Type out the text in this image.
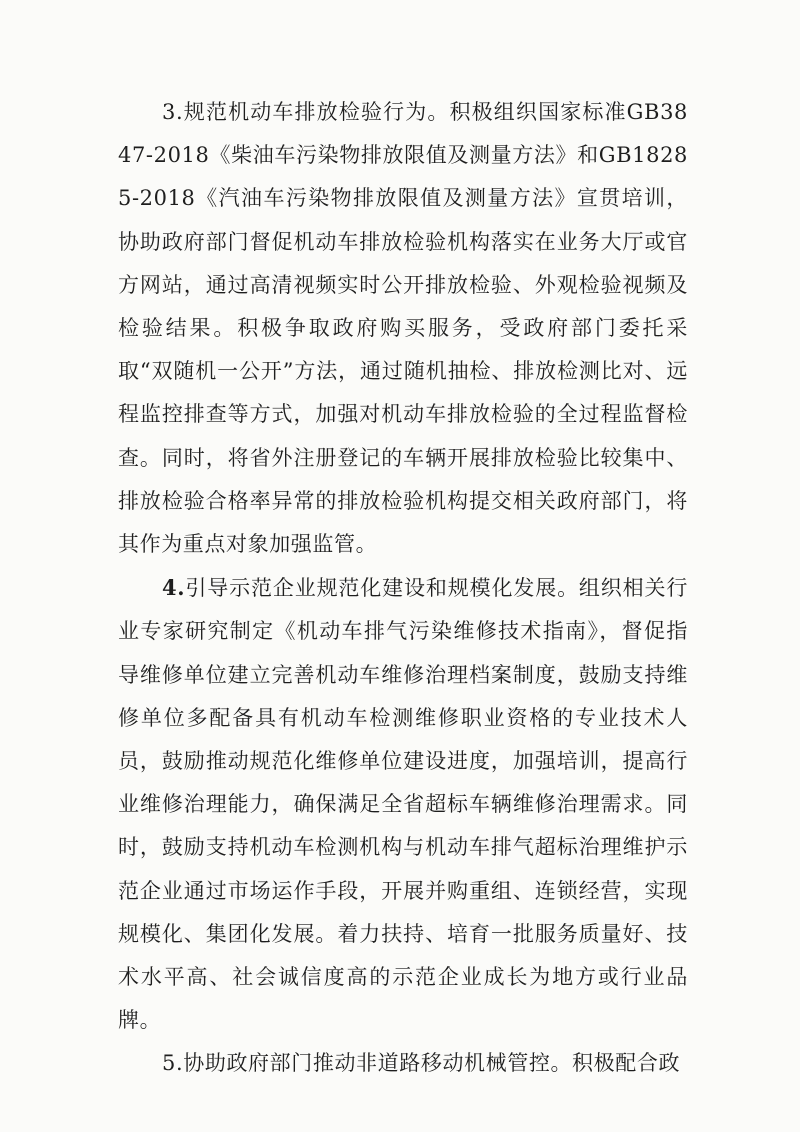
3.规范机动车排放检验行为。积极组织国家标准GB3847-2018《柴油车污染物排放限值及测量方法》和GB18285-2018《汽油车污染物排放限值及测量方法》宣贯培训，协助政府部门督促机动车排放检验机构落实在业务大厅或官方网站，通过高清视频实时公开排放检验、外观检验视频及检验结果。积极争取政府购买服务，受政府部门委托采取“双随机一公开”方法，通过随机抽检、排放检测比对、远程监控排查等方式，加强对机动车排放检验的全过程监督检查。同时，将省外注册登记的车辆开展排放检验比较集中、排放检验合格率异常的排放检验机构提交相关政府部门，将其作为重点对象加强监管。

4.引导示范企业规范化建设和规模化发展。组织相关行业专家研究制定《机动车排气污染维修技术指南》，督促指导维修单位建立完善机动车维修治理档案制度，鼓励支持维修单位多配备具有机动车检测维修职业资格的专业技术人员，鼓励推动规范化维修单位建设进度，加强培训，提高行业维修治理能力，确保满足全省超标车辆维修治理需求。同时，鼓励支持机动车检测机构与机动车排气超标治理维护示范企业通过市场运作手段，开展并购重组、连锁经营，实现规模化、集团化发展。着力扶持、培育一批服务质量好、技术水平高、社会诚信度高的示范企业成长为地方或行业品牌。

5.协助政府部门推动非道路移动机械管控。积极配合政
